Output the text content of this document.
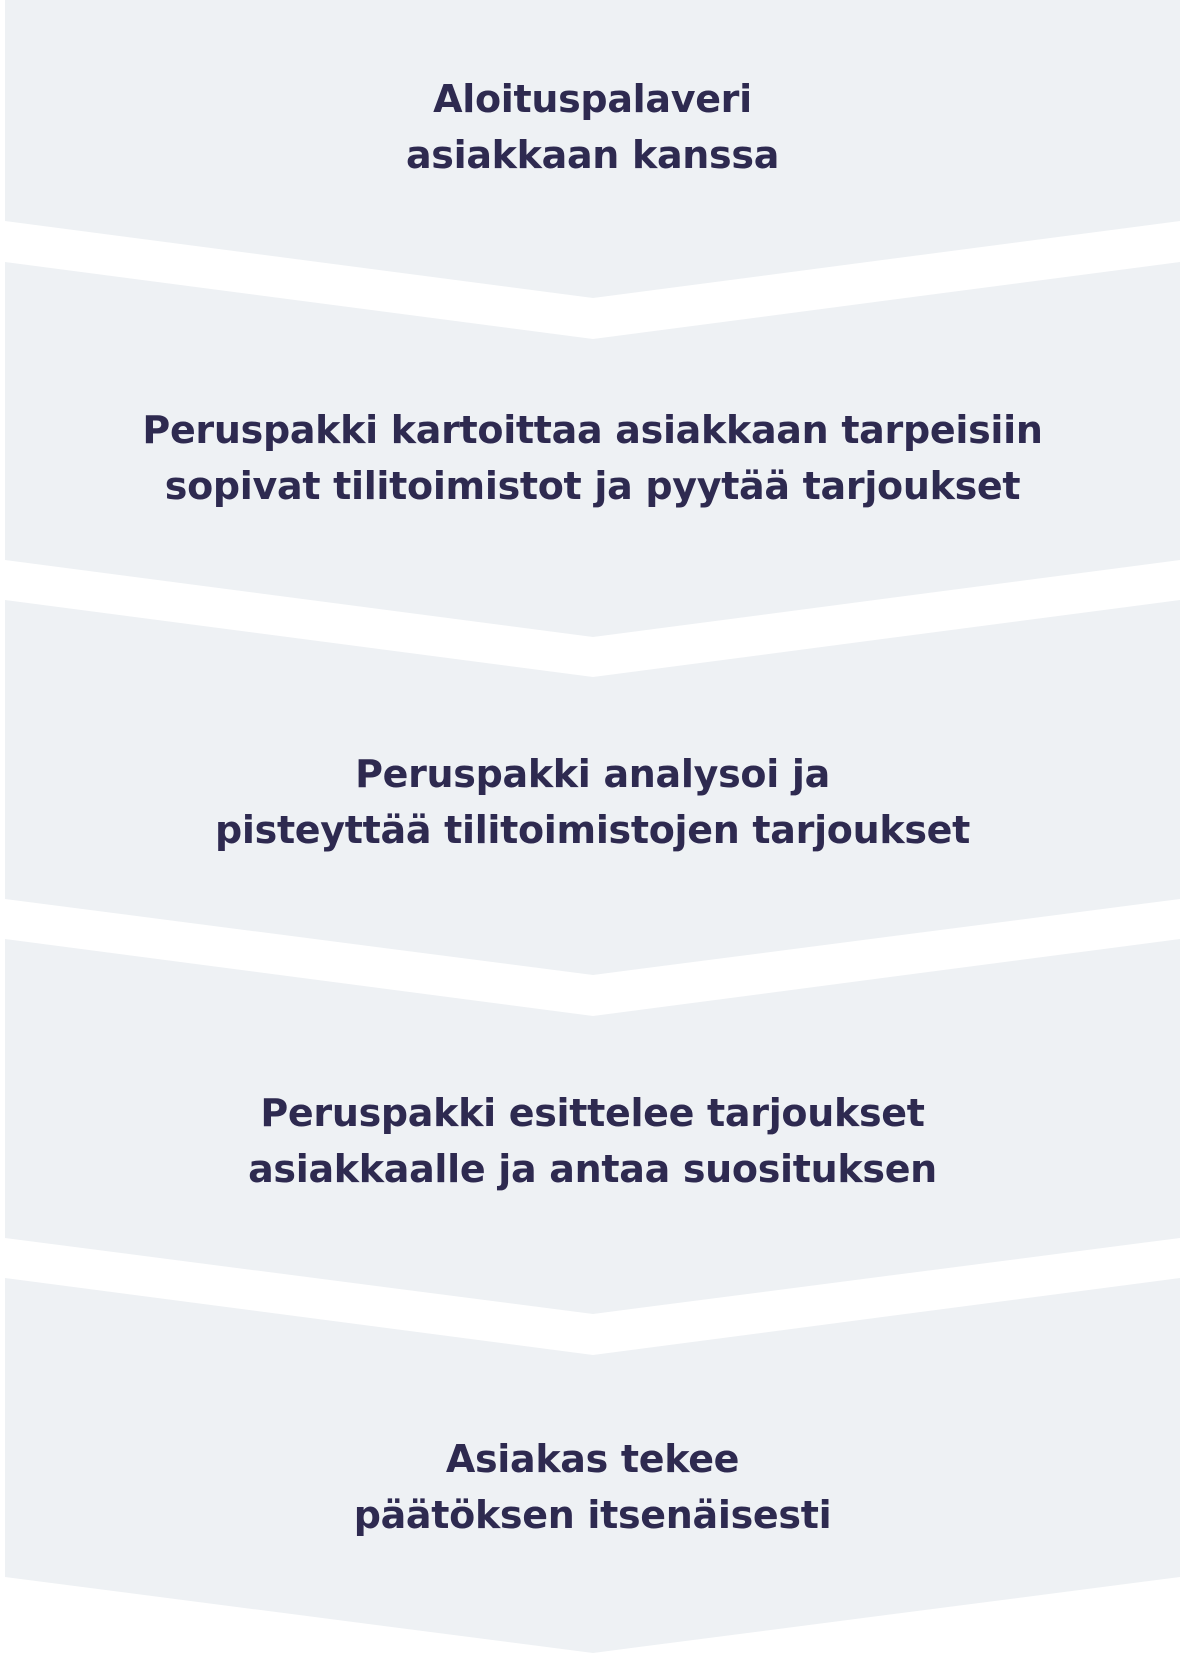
Aloituspalaveri
asiakkaan kanssa
Peruspakki kartoittaa asiakkaan tarpeisiin
sopivat tilitoimistot ja pyytää tarjoukset
Peruspakki analysoi ja
pisteyttää tilitoimistojen tarjoukset
Peruspakki esittelee tarjoukset
asiakkaalle ja antaa suosituksen
Asiakas tekee
päätöksen itsenäisesti
